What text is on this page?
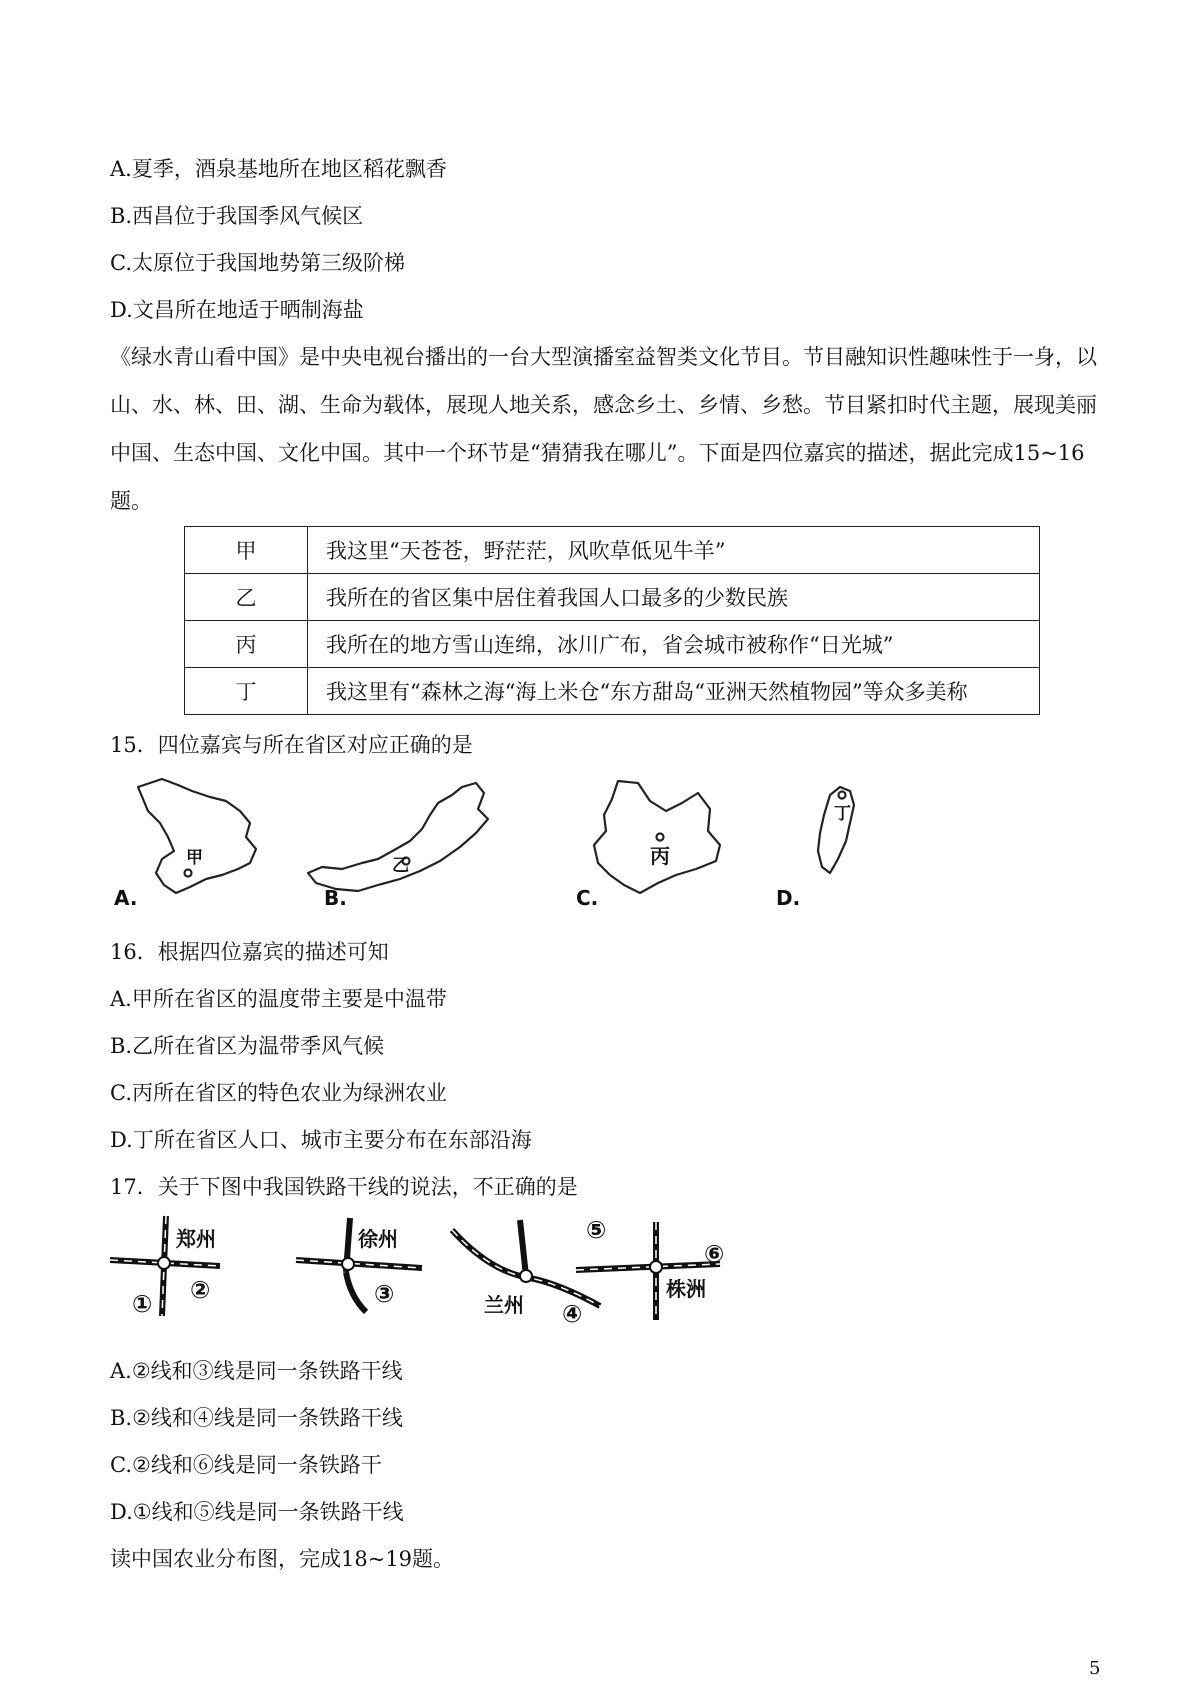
A.夏季，酒泉基地所在地区稻花飘香
B.西昌位于我国季风气候区
C.太原位于我国地势第三级阶梯
D.文昌所在地适于晒制海盐
《绿水青山看中国》是中央电视台播出的一台大型演播室益智类文化节目。节目融知识性趣味性于一身，以山、水、林、田、湖、生命为载体，展现人地关系，感念乡土、乡情、乡愁。节目紧扣时代主题，展现美丽中国、生态中国、文化中国。其中一个环节是“猜猜我在哪儿”。下面是四位嘉宾的描述，据此完成15~16题。
甲	我这里“天苍苍，野茫茫，风吹草低见牛羊”
乙	我所在的省区集中居住着我国人口最多的少数民族
丙	我所在的地方雪山连绵，冰川广布，省会城市被称作“日光城”
丁	我这里有“森林之海“海上米仓“东方甜岛“亚洲天然植物园”等众多美称
15．四位嘉宾与所在省区对应正确的是
甲	乙	丙
丁
A.	B.	C.	D.
16．根据四位嘉宾的描述可知
A.甲所在省区的温度带主要是中温带
B.乙所在省区为温带季风气候
C.丙所在省区的特色农业为绿洲农业
D.丁所在省区人口、城市主要分布在东部沿海
17．关于下图中我国铁路干线的说法，不正确的是
郑州
① ②
徐州
③	兰州 ④
⑤
⑥
株洲
A.②线和③线是同一条铁路干线
B.②线和④线是同一条铁路干线
C.②线和⑥线是同一条铁路干
D.①线和⑤线是同一条铁路干线
读中国农业分布图，完成18~19题。
5
